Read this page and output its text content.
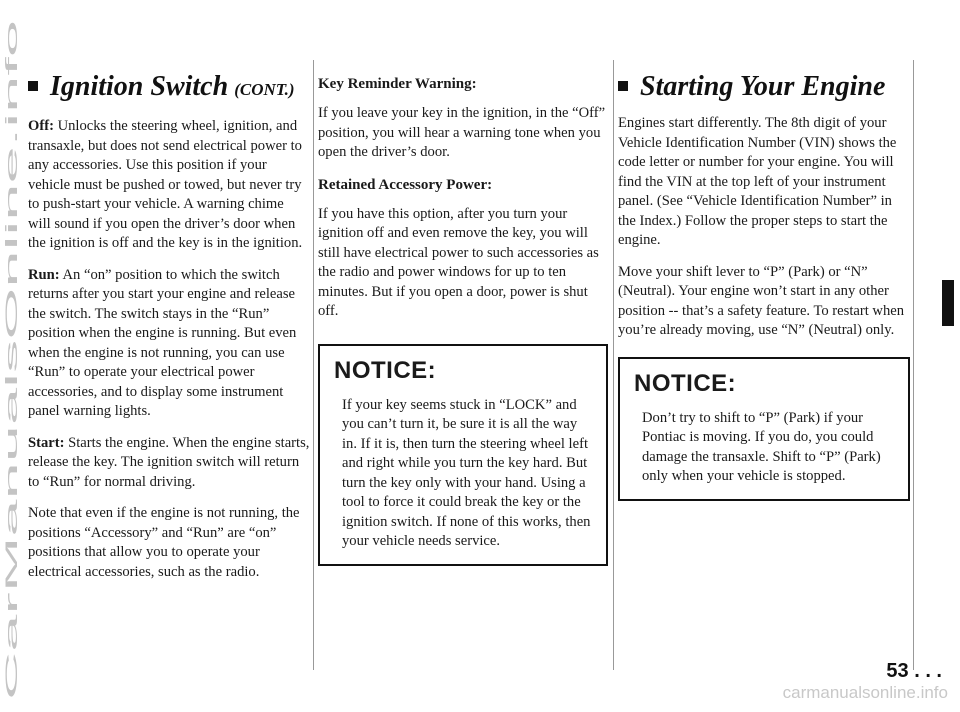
Ignition Switch (CONT.)

Off: Unlocks the steering wheel, ignition, and transaxle, but does not send electrical power to any accessories. Use this position if your vehicle must be pushed or towed, but never try to push-start your vehicle. A warning chime will sound if you open the driver’s door when the ignition is off and the key is in the ignition.

Run: An “on” position to which the switch returns after you start your engine and release the switch. The switch stays in the “Run” position when the engine is running. But even when the engine is not running, you can use “Run” to operate your electrical power accessories, and to display some instrument panel warning lights.

Start: Starts the engine. When the engine starts, release the key. The ignition switch will return to “Run” for normal driving.

Note that even if the engine is not running, the positions “Accessory” and “Run” are “on” positions that allow you to operate your electrical accessories, such as the radio.

Key Reminder Warning:

If you leave your key in the ignition, in the “Off” position, you will hear a warning tone when you open the driver’s door.

Retained Accessory Power:

If you have this option, after you turn your ignition off and even remove the key, you will still have electrical power to such accessories as the radio and power windows for up to ten minutes. But if you open a door, power is shut off.

NOTICE:

If your key seems stuck in “LOCK” and you can’t turn it, be sure it is all the way in. If it is, then turn the steering wheel left and right while you turn the key hard. But turn the key only with your hand. Using a tool to force it could break the key or the ignition switch. If none of this works, then your vehicle needs service.

Starting Your Engine

Engines start differently. The 8th digit of your Vehicle Identification Number (VIN) shows the code letter or number for your engine. You will find the VIN at the top left of your instrument panel. (See “Vehicle Identification Number” in the Index.) Follow the proper steps to start the engine.

Move your shift lever to “P” (Park) or “N” (Neutral). Your engine won’t start in any other position -- that’s a safety feature. To restart when you’re already moving, use “N” (Neutral) only.

NOTICE:

Don’t try to shift to “P” (Park) if your Pontiac is moving. If you do, you could damage the transaxle. Shift to “P” (Park) only when your vehicle is stopped.

53 . . .
CarManualsOnline.info	carmanualsonline.info
